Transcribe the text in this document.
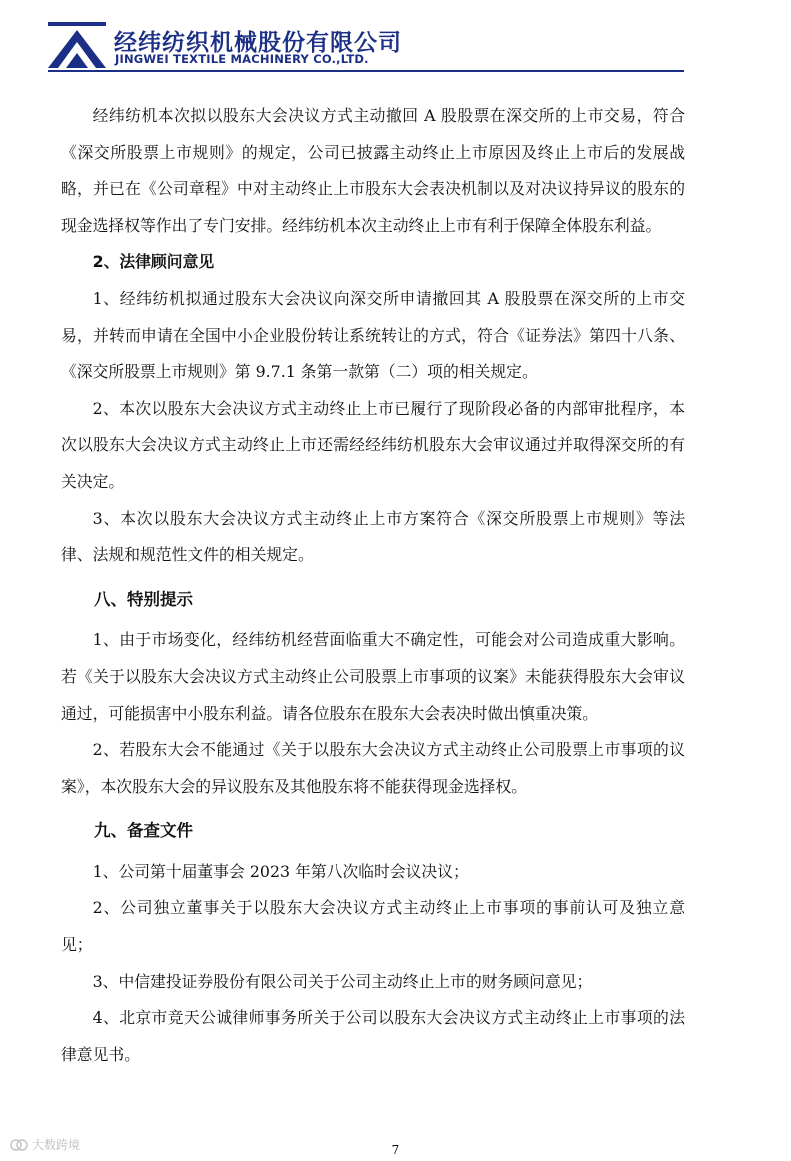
经纬纺织机械股份有限公司
JINGWEI TEXTILE MACHINERY CO.,LTD.

经纬纺机本次拟以股东大会决议方式主动撤回 A 股股票在深交所的上市交易，符合《深交所股票上市规则》的规定，公司已披露主动终止上市原因及终止上市后的发展战略，并已在《公司章程》中对主动终止上市股东大会表决机制以及对决议持异议的股东的现金选择权等作出了专门安排。经纬纺机本次主动终止上市有利于保障全体股东利益。

2、法律顾问意见

1、经纬纺机拟通过股东大会决议向深交所申请撤回其 A 股股票在深交所的上市交易，并转而申请在全国中小企业股份转让系统转让的方式，符合《证券法》第四十八条、《深交所股票上市规则》第 9.7.1 条第一款第（二）项的相关规定。

2、本次以股东大会决议方式主动终止上市已履行了现阶段必备的内部审批程序，本次以股东大会决议方式主动终止上市还需经经纬纺机股东大会审议通过并取得深交所的有关决定。

3、本次以股东大会决议方式主动终止上市方案符合《深交所股票上市规则》等法律、法规和规范性文件的相关规定。

八、特别提示

1、由于市场变化，经纬纺机经营面临重大不确定性，可能会对公司造成重大影响。若《关于以股东大会决议方式主动终止公司股票上市事项的议案》未能获得股东大会审议通过，可能损害中小股东利益。请各位股东在股东大会表决时做出慎重决策。

2、若股东大会不能通过《关于以股东大会决议方式主动终止公司股票上市事项的议案》，本次股东大会的异议股东及其他股东将不能获得现金选择权。

九、备查文件

1、公司第十届董事会 2023 年第八次临时会议决议；

2、公司独立董事关于以股东大会决议方式主动终止上市事项的事前认可及独立意见；

3、中信建投证券股份有限公司关于公司主动终止上市的财务顾问意见；

4、北京市竞天公诚律师事务所关于公司以股东大会决议方式主动终止上市事项的法律意见书。

大数跨境	7
